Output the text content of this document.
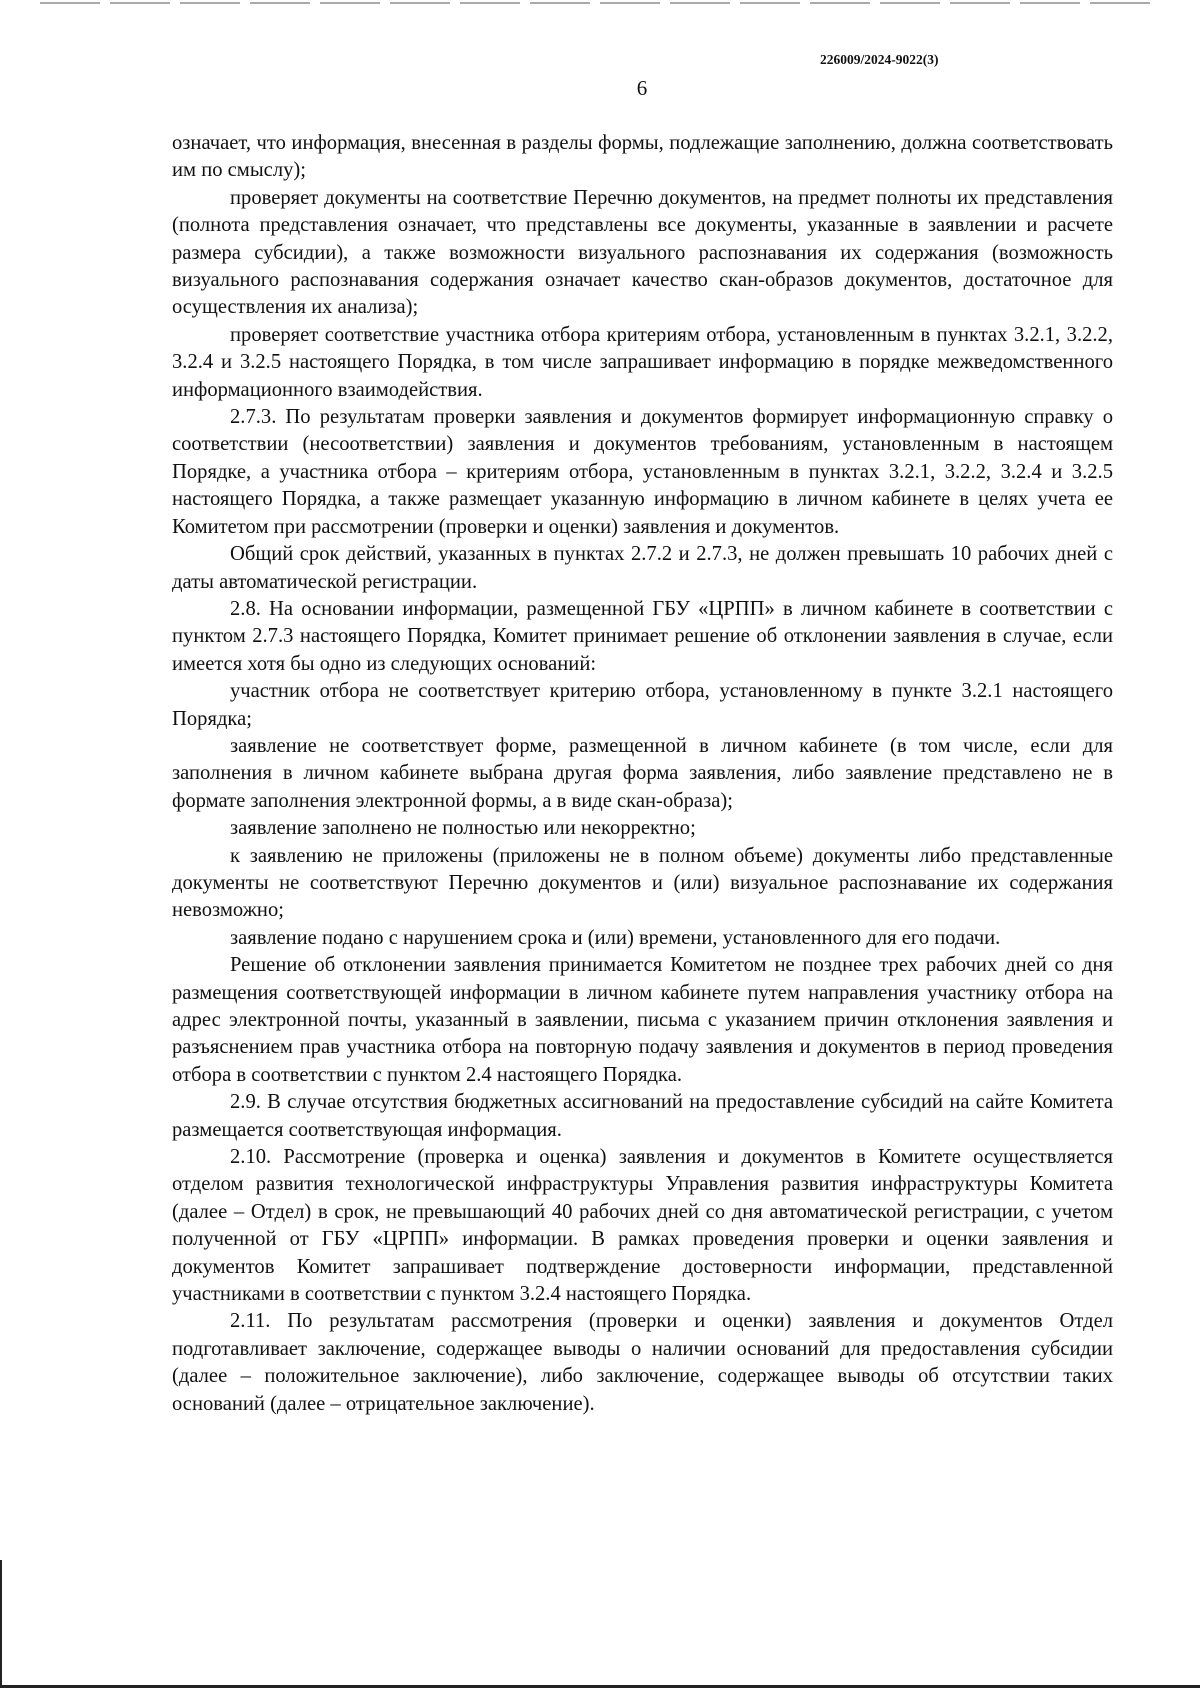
226009/2024-9022(3)
6

означает, что информация, внесенная в разделы формы, подлежащие заполнению, должна соответствовать им по смыслу);

проверяет документы на соответствие Перечню документов, на предмет полноты их представления (полнота представления означает, что представлены все документы, указанные в заявлении и расчете размера субсидии), а также возможности визуального распознавания их содержания (возможность визуального распознавания содержания означает качество скан-образов документов, достаточное для осуществления их анализа);

проверяет соответствие участника отбора критериям отбора, установленным в пунктах 3.2.1, 3.2.2, 3.2.4 и 3.2.5 настоящего Порядка, в том числе запрашивает информацию в порядке межведомственного информационного взаимодействия.

2.7.3. По результатам проверки заявления и документов формирует информационную справку о соответствии (несоответствии) заявления и документов требованиям, установленным в настоящем Порядке, а участника отбора – критериям отбора, установленным в пунктах 3.2.1, 3.2.2, 3.2.4 и 3.2.5 настоящего Порядка, а также размещает указанную информацию в личном кабинете в целях учета ее Комитетом при рассмотрении (проверки и оценки) заявления и документов.

Общий срок действий, указанных в пунктах 2.7.2 и 2.7.3, не должен превышать 10 рабочих дней с даты автоматической регистрации.

2.8. На основании информации, размещенной ГБУ «ЦРПП» в личном кабинете в соответствии с пунктом 2.7.3 настоящего Порядка, Комитет принимает решение об отклонении заявления в случае, если имеется хотя бы одно из следующих оснований:

участник отбора не соответствует критерию отбора, установленному в пункте 3.2.1 настоящего Порядка;

заявление не соответствует форме, размещенной в личном кабинете (в том числе, если для заполнения в личном кабинете выбрана другая форма заявления, либо заявление представлено не в формате заполнения электронной формы, а в виде скан-образа);

заявление заполнено не полностью или некорректно;

к заявлению не приложены (приложены не в полном объеме) документы либо представленные документы не соответствуют Перечню документов и (или) визуальное распознавание их содержания невозможно;

заявление подано с нарушением срока и (или) времени, установленного для его подачи.

Решение об отклонении заявления принимается Комитетом не позднее трех рабочих дней со дня размещения соответствующей информации в личном кабинете путем направления участнику отбора на адрес электронной почты, указанный в заявлении, письма с указанием причин отклонения заявления и разъяснением прав участника отбора на повторную подачу заявления и документов в период проведения отбора в соответствии с пунктом 2.4 настоящего Порядка.

2.9. В случае отсутствия бюджетных ассигнований на предоставление субсидий на сайте Комитета размещается соответствующая информация.

2.10. Рассмотрение (проверка и оценка) заявления и документов в Комитете осуществляется отделом развития технологической инфраструктуры Управления развития инфраструктуры Комитета (далее – Отдел) в срок, не превышающий 40 рабочих дней со дня автоматической регистрации, с учетом полученной от ГБУ «ЦРПП» информации. В рамках проведения проверки и оценки заявления и документов Комитет запрашивает подтверждение достоверности информации, представленной участниками в соответствии с пунктом 3.2.4 настоящего Порядка.

2.11. По результатам рассмотрения (проверки и оценки) заявления и документов Отдел подготавливает заключение, содержащее выводы о наличии оснований для предоставления субсидии (далее – положительное заключение), либо заключение, содержащее выводы об отсутствии таких оснований (далее – отрицательное заключение).
